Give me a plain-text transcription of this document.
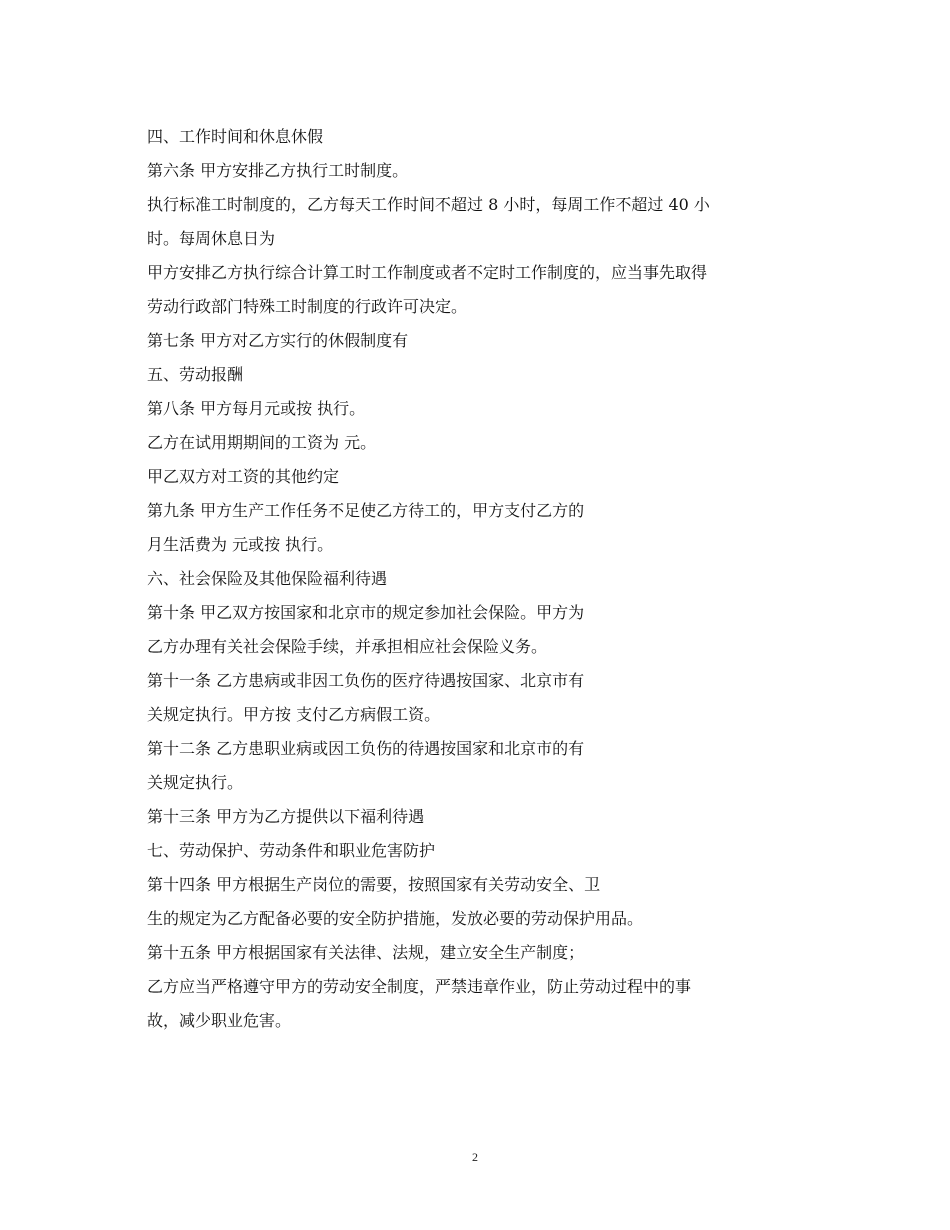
四、工作时间和休息休假
第六条 甲方安排乙方执行工时制度。
执行标准工时制度的，乙方每天工作时间不超过 8 小时，每周工作不超过 40 小
时。每周休息日为
甲方安排乙方执行综合计算工时工作制度或者不定时工作制度的，应当事先取得
劳动行政部门特殊工时制度的行政许可决定。
第七条 甲方对乙方实行的休假制度有
五、劳动报酬
第八条 甲方每月元或按 执行。
乙方在试用期期间的工资为 元。
甲乙双方对工资的其他约定
第九条 甲方生产工作任务不足使乙方待工的，甲方支付乙方的
月生活费为 元或按 执行。
六、社会保险及其他保险福利待遇
第十条 甲乙双方按国家和北京市的规定参加社会保险。甲方为
乙方办理有关社会保险手续，并承担相应社会保险义务。
第十一条 乙方患病或非因工负伤的医疗待遇按国家、北京市有
关规定执行。甲方按 支付乙方病假工资。
第十二条 乙方患职业病或因工负伤的待遇按国家和北京市的有
关规定执行。
第十三条 甲方为乙方提供以下福利待遇
七、劳动保护、劳动条件和职业危害防护
第十四条 甲方根据生产岗位的需要，按照国家有关劳动安全、卫
生的规定为乙方配备必要的安全防护措施，发放必要的劳动保护用品。
第十五条 甲方根据国家有关法律、法规，建立安全生产制度；
乙方应当严格遵守甲方的劳动安全制度，严禁违章作业，防止劳动过程中的事
故，减少职业危害。
2
